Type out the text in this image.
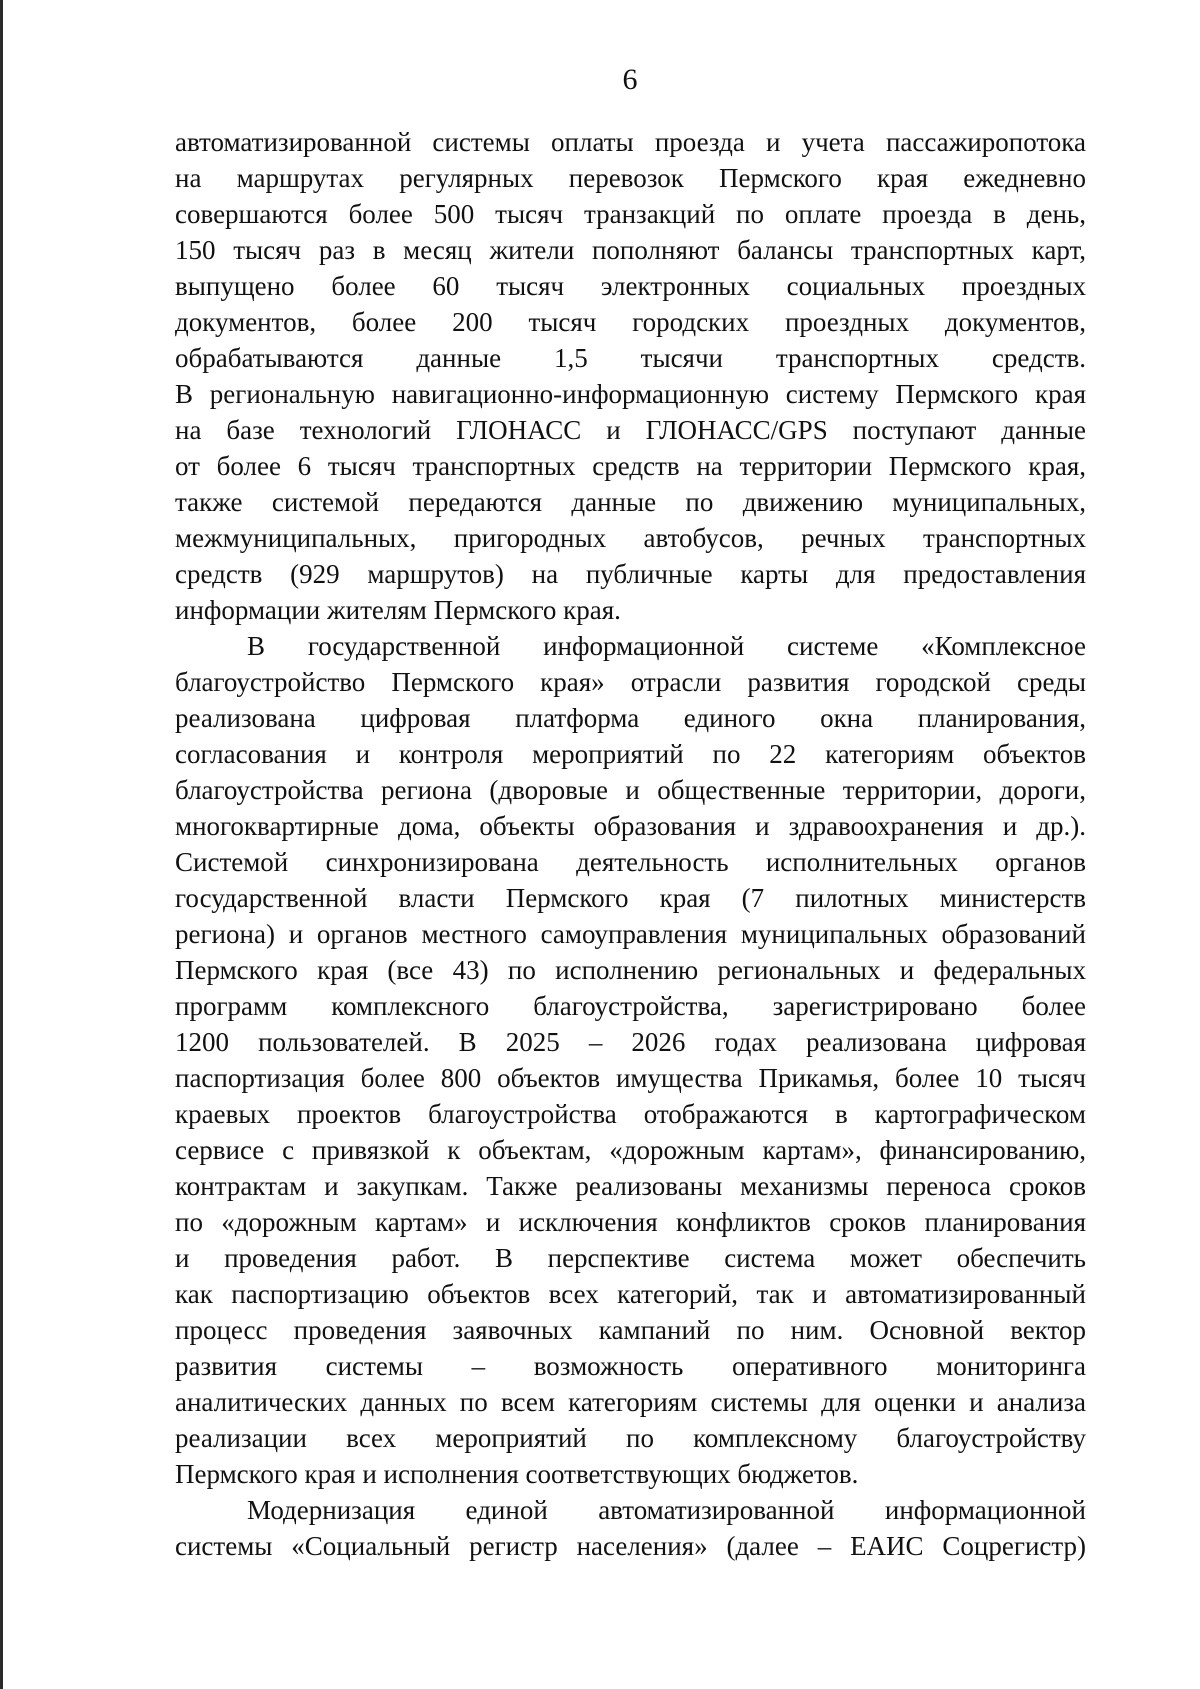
6
автоматизированной системы оплаты проезда и учета пассажиропотока
на маршрутах регулярных перевозок Пермского края ежедневно
совершаются более 500 тысяч транзакций по оплате проезда в день,
150 тысяч раз в месяц жители пополняют балансы транспортных карт,
выпущено более 60 тысяч электронных социальных проездных
документов, более 200 тысяч городских проездных документов,
обрабатываются данные 1,5 тысячи транспортных средств.
В региональную навигационно-информационную систему Пермского края
на базе технологий ГЛОНАСС и ГЛОНАСС/GPS поступают данные
от более 6 тысяч транспортных средств на территории Пермского края,
также системой передаются данные по движению муниципальных,
межмуниципальных, пригородных автобусов, речных транспортных
средств (929 маршрутов) на публичные карты для предоставления
информации жителям Пермского края.
В государственной информационной системе «Комплексное
благоустройство Пермского края» отрасли развития городской среды
реализована цифровая платформа единого окна планирования,
согласования и контроля мероприятий по 22 категориям объектов
благоустройства региона (дворовые и общественные территории, дороги,
многоквартирные дома, объекты образования и здравоохранения и др.).
Системой синхронизирована деятельность исполнительных органов
государственной власти Пермского края (7 пилотных министерств
региона) и органов местного самоуправления муниципальных образований
Пермского края (все 43) по исполнению региональных и федеральных
программ комплексного благоустройства, зарегистрировано более
1200 пользователей. В 2025 – 2026 годах реализована цифровая
паспортизация более 800 объектов имущества Прикамья, более 10 тысяч
краевых проектов благоустройства отображаются в картографическом
сервисе с привязкой к объектам, «дорожным картам», финансированию,
контрактам и закупкам. Также реализованы механизмы переноса сроков
по «дорожным картам» и исключения конфликтов сроков планирования
и проведения работ. В перспективе система может обеспечить
как паспортизацию объектов всех категорий, так и автоматизированный
процесс проведения заявочных кампаний по ним. Основной вектор
развития системы – возможность оперативного мониторинга
аналитических данных по всем категориям системы для оценки и анализа
реализации всех мероприятий по комплексному благоустройству
Пермского края и исполнения соответствующих бюджетов.
Модернизация единой автоматизированной информационной
системы «Социальный регистр населения» (далее – ЕАИС Соцрегистр)
